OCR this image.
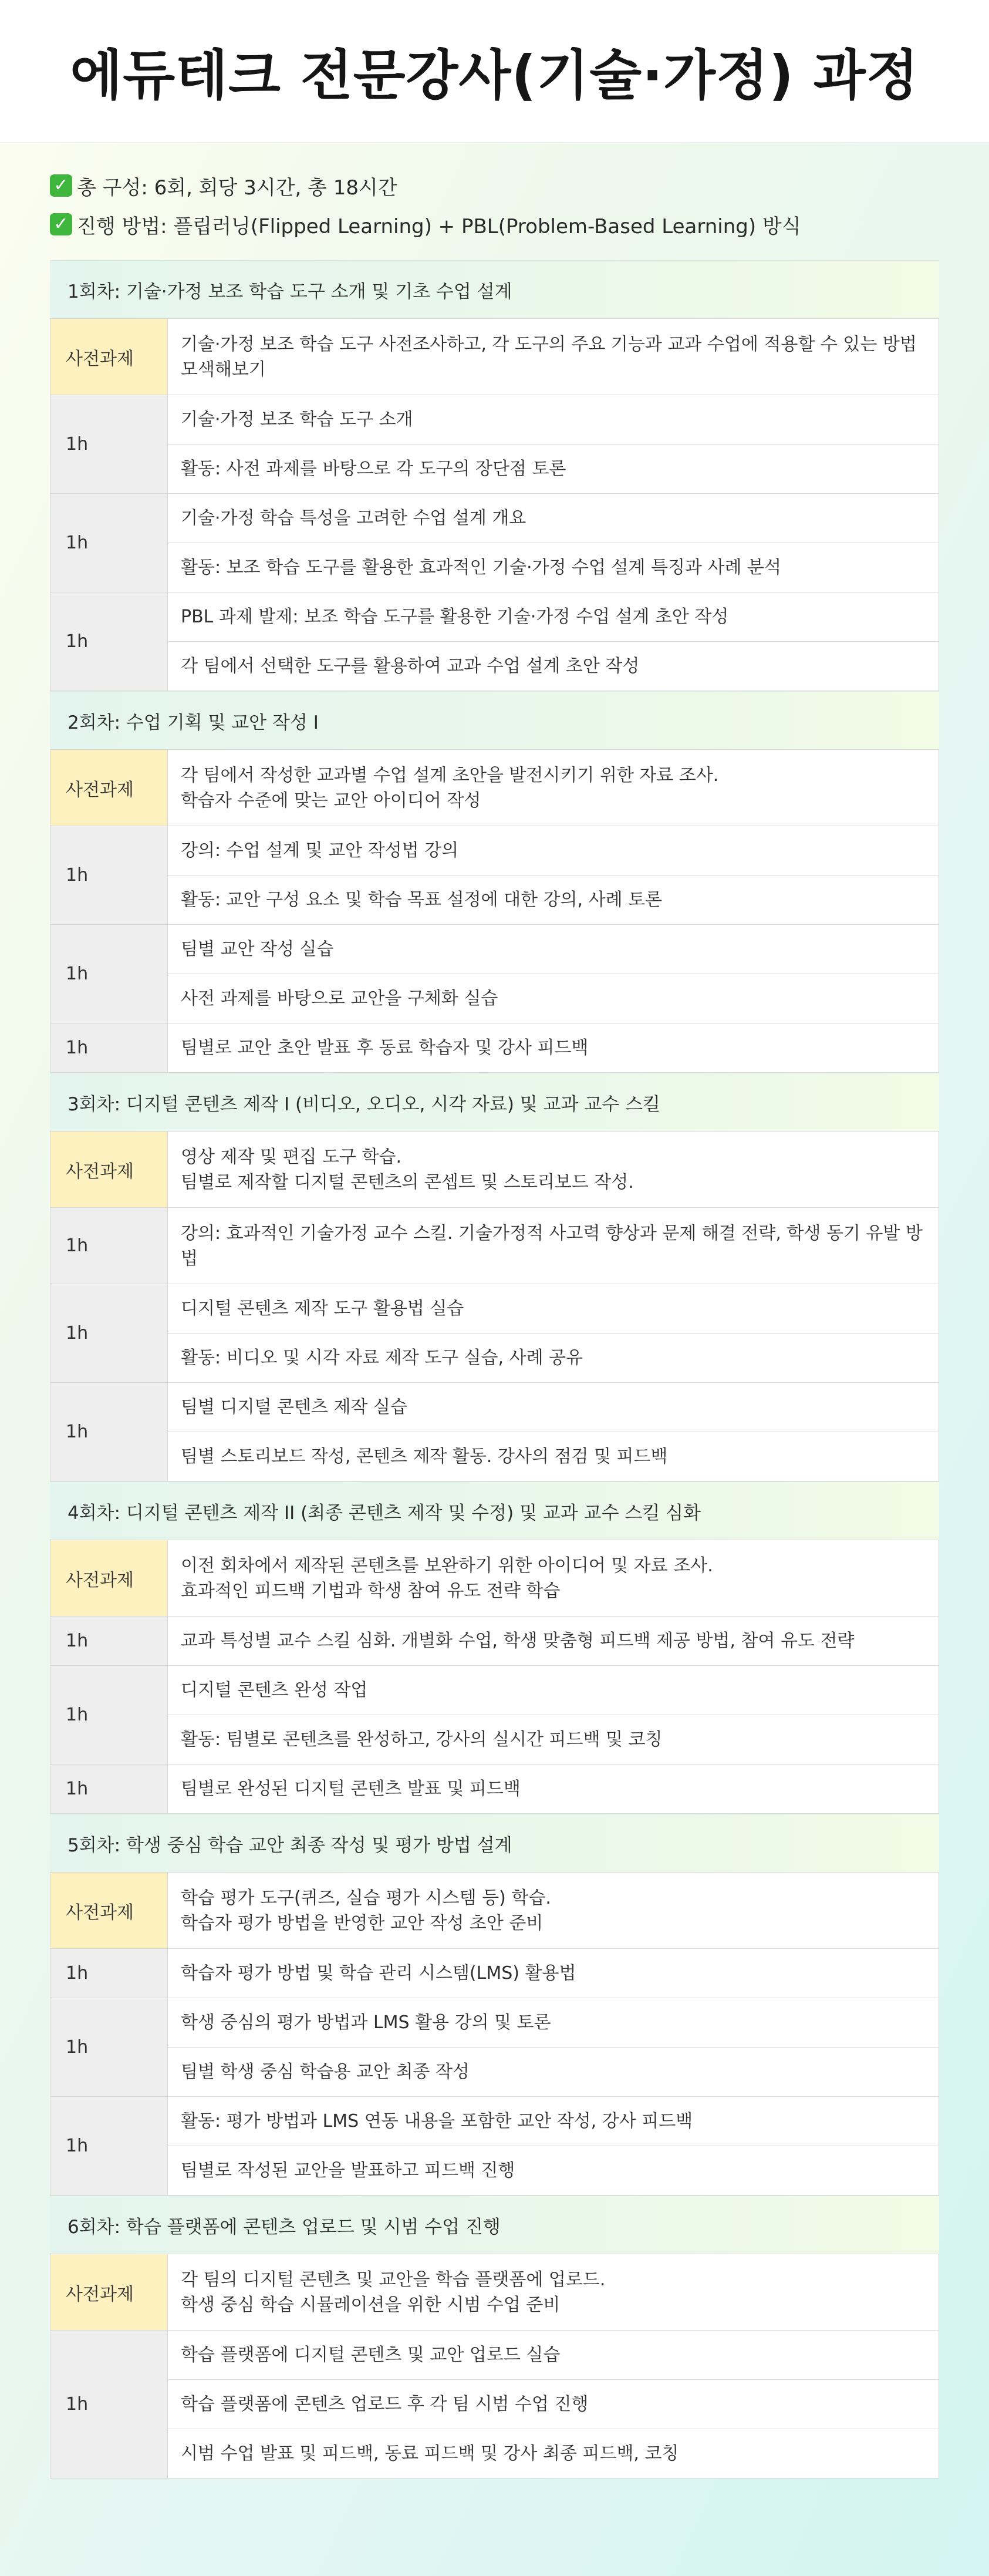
에듀테크 전문강사(기술·가정) 과정
✓ 총 구성: 6회, 회당 3시간, 총 18시간
✓ 진행 방법: 플립러닝(Flipped Learning) + PBL(Problem-Based Learning) 방식
1회차: 기술·가정 보조 학습 도구 소개 및 기초 수업 설계
사전과제	기술·가정 보조 학습 도구 사전조사하고, 각 도구의 주요 기능과 교과 수업에 적용할 수 있는 방법
모색해보기

1h	기술·가정 보조 학습 도구 소개
	활동: 사전 과제를 바탕으로 각 도구의 장단점 토론
1h	기술·가정 학습 특성을 고려한 수업 설계 개요
	활동: 보조 학습 도구를 활용한 효과적인 기술·가정 수업 설계 특징과 사례 분석
1h	PBL 과제 발제: 보조 학습 도구를 활용한 기술·가정 수업 설계 초안 작성
	각 팀에서 선택한 도구를 활용하여 교과 수업 설계 초안 작성
2회차: 수업 기획 및 교안 작성 I
사전과제	각 팀에서 작성한 교과별 수업 설계 초안을 발전시키기 위한 자료 조사.
학습자 수준에 맞는 교안 아이디어 작성

1h	강의: 수업 설계 및 교안 작성법 강의
	활동: 교안 구성 요소 및 학습 목표 설정에 대한 강의, 사례 토론
1h	팀별 교안 작성 실습
	사전 과제를 바탕으로 교안을 구체화 실습
1h	팀별로 교안 초안 발표 후 동료 학습자 및 강사 피드백
3회차: 디지털 콘텐츠 제작 I (비디오, 오디오, 시각 자료) 및 교과 교수 스킬
사전과제	영상 제작 및 편집 도구 학습.
팀별로 제작할 디지털 콘텐츠의 콘셉트 및 스토리보드 작성.

1h	강의: 효과적인 기술가정 교수 스킬. 기술가정적 사고력 향상과 문제 해결 전략, 학생 동기 유발 방
법

1h	디지털 콘텐츠 제작 도구 활용법 실습
	활동: 비디오 및 시각 자료 제작 도구 실습, 사례 공유
1h	팀별 디지털 콘텐츠 제작 실습
	팀별 스토리보드 작성, 콘텐츠 제작 활동. 강사의 점검 및 피드백
4회차: 디지털 콘텐츠 제작 II (최종 콘텐츠 제작 및 수정) 및 교과 교수 스킬 심화
사전과제	이전 회차에서 제작된 콘텐츠를 보완하기 위한 아이디어 및 자료 조사.
효과적인 피드백 기법과 학생 참여 유도 전략 학습

1h	교과 특성별 교수 스킬 심화. 개별화 수업, 학생 맞춤형 피드백 제공 방법, 참여 유도 전략
1h	디지털 콘텐츠 완성 작업
	활동: 팀별로 콘텐츠를 완성하고, 강사의 실시간 피드백 및 코칭
1h	팀별로 완성된 디지털 콘텐츠 발표 및 피드백
5회차: 학생 중심 학습 교안 최종 작성 및 평가 방법 설계
사전과제	학습 평가 도구(퀴즈, 실습 평가 시스템 등) 학습.
학습자 평가 방법을 반영한 교안 작성 초안 준비

1h	학습자 평가 방법 및 학습 관리 시스템(LMS) 활용법
1h	학생 중심의 평가 방법과 LMS 활용 강의 및 토론
	팀별 학생 중심 학습용 교안 최종 작성
1h	활동: 평가 방법과 LMS 연동 내용을 포함한 교안 작성, 강사 피드백
	팀별로 작성된 교안을 발표하고 피드백 진행
6회차: 학습 플랫폼에 콘텐츠 업로드 및 시범 수업 진행
사전과제	각 팀의 디지털 콘텐츠 및 교안을 학습 플랫폼에 업로드.
학생 중심 학습 시뮬레이션을 위한 시범 수업 준비

1h	학습 플랫폼에 디지털 콘텐츠 및 교안 업로드 실습
	학습 플랫폼에 콘텐츠 업로드 후 각 팀 시범 수업 진행
	시범 수업 발표 및 피드백, 동료 피드백 및 강사 최종 피드백, 코칭
